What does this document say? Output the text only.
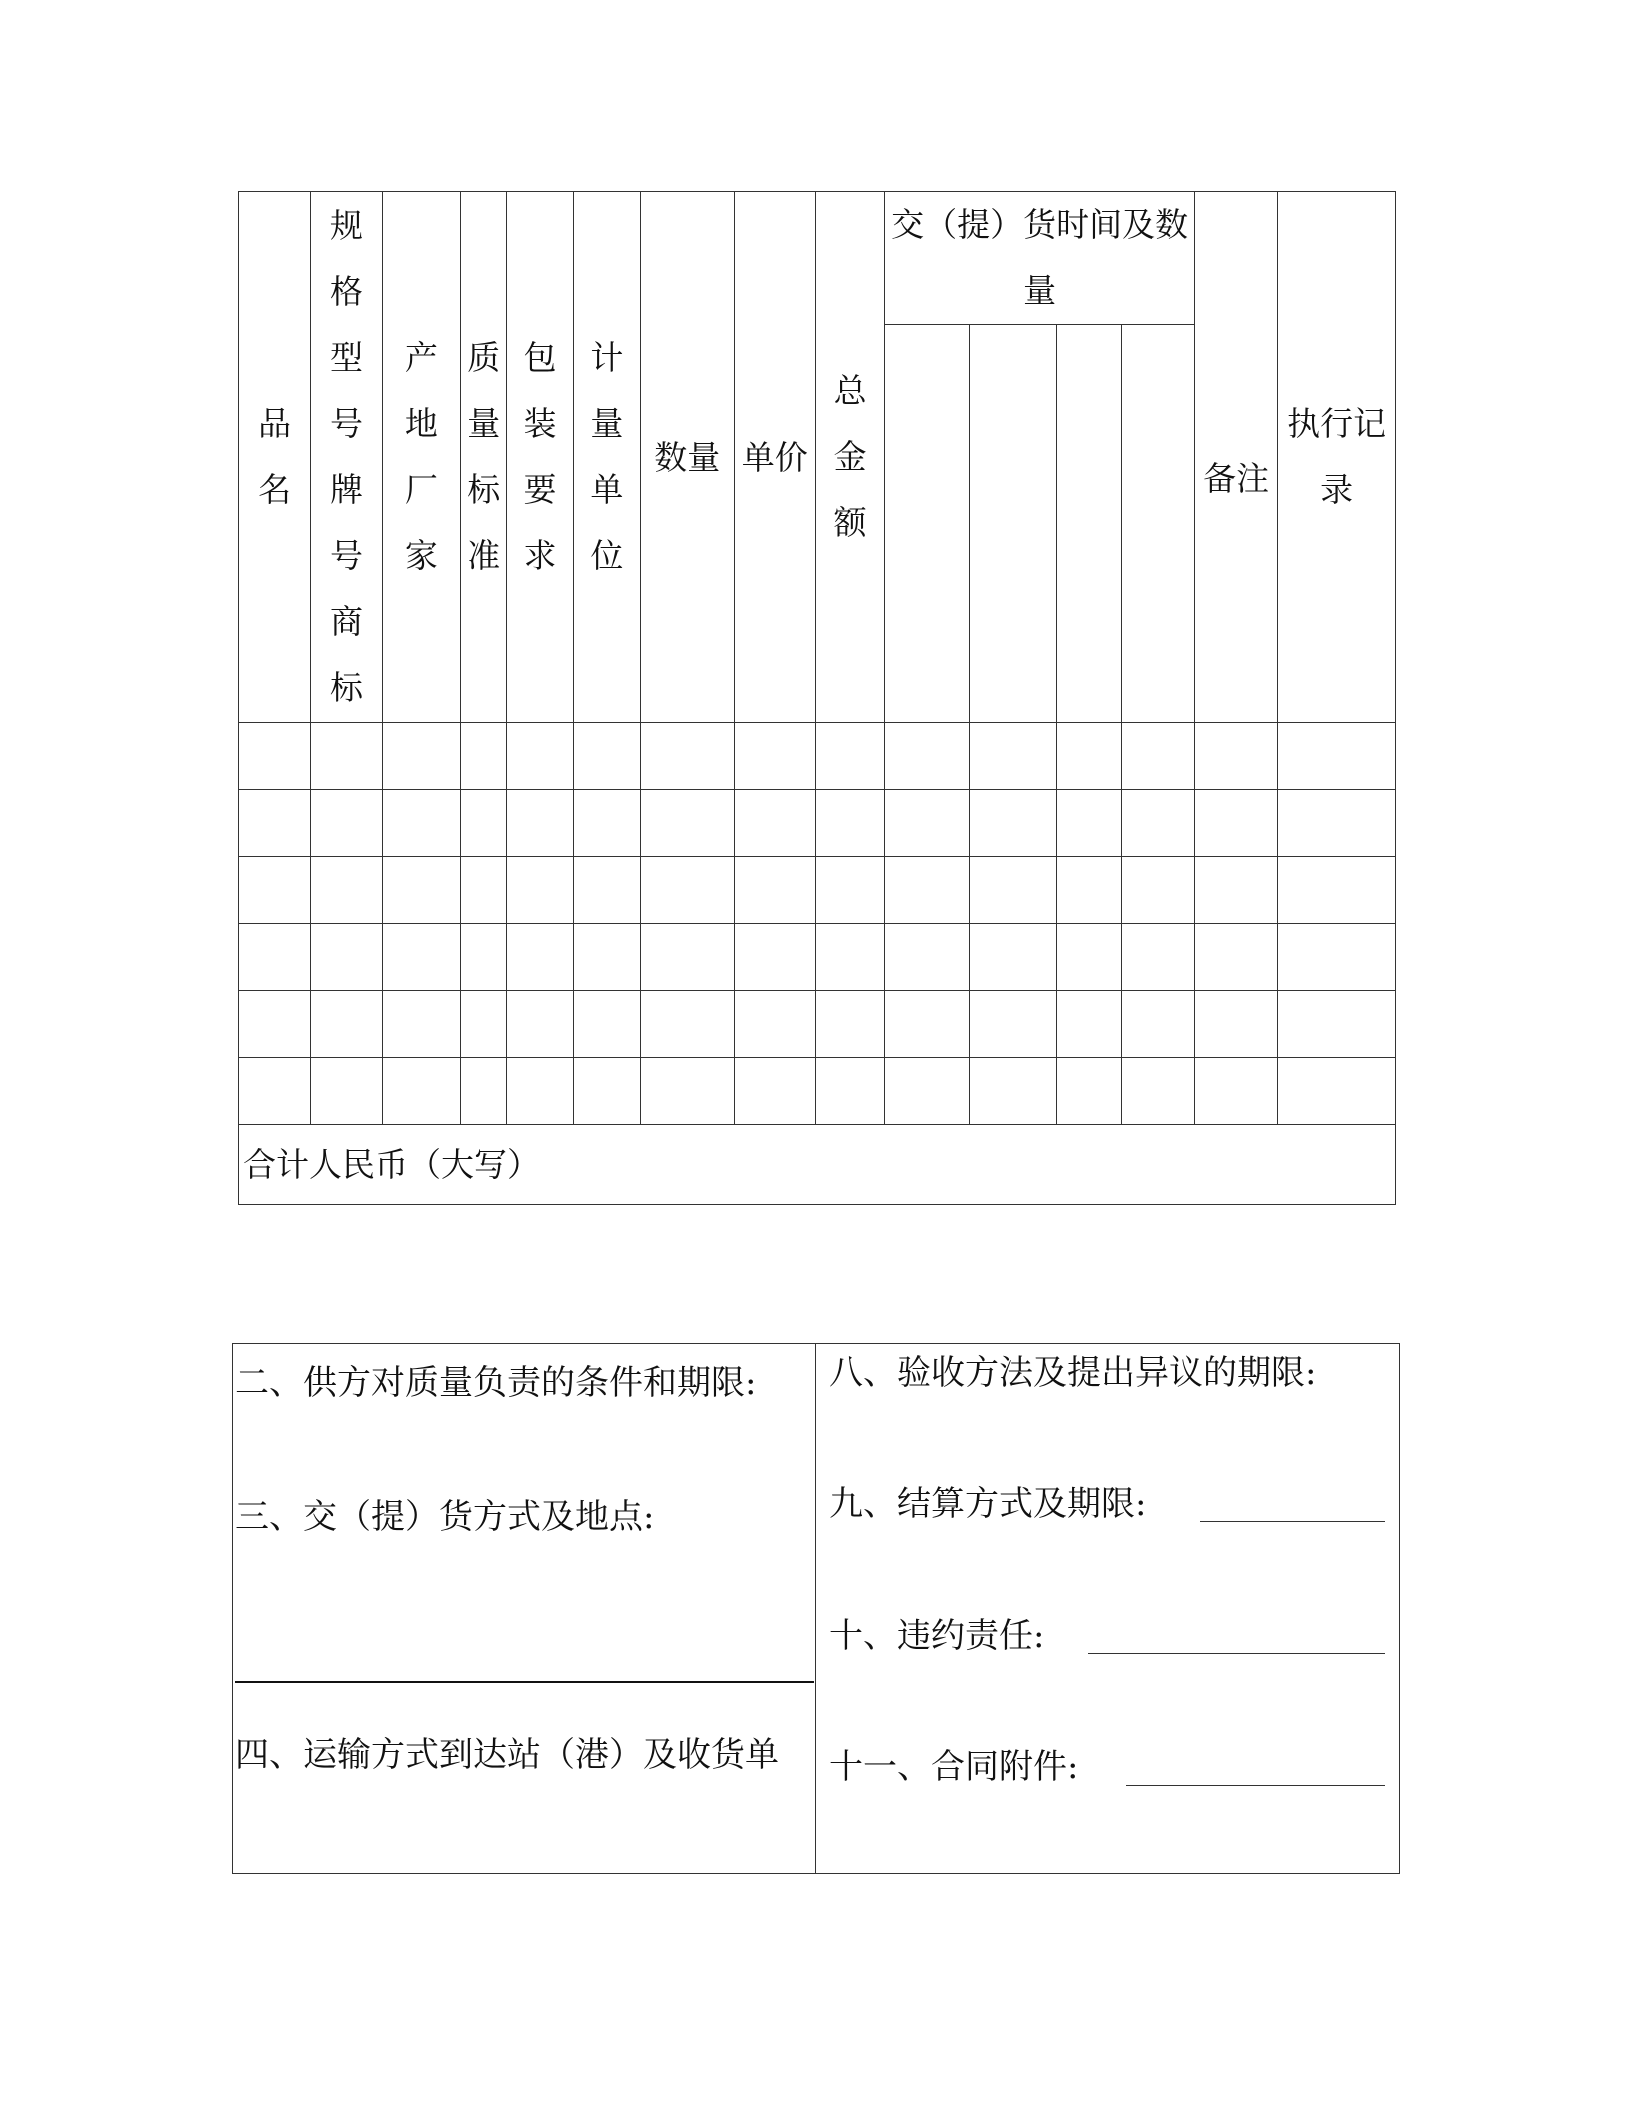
品名	规格型号牌号商标	产地厂家	质量标准	包装要求	计量单位	数量	单价	总金额	交（提）货时间及数量				备注	执行记录

合计人民币（大写）														
二、供方对质量负责的条件和期限:
三、交（提）货方式及地点:
四、运输方式到达站（港）及收货单
八、验收方法及提出异议的期限:
九、结算方式及期限:
十、违约责任:
十一、合同附件:
